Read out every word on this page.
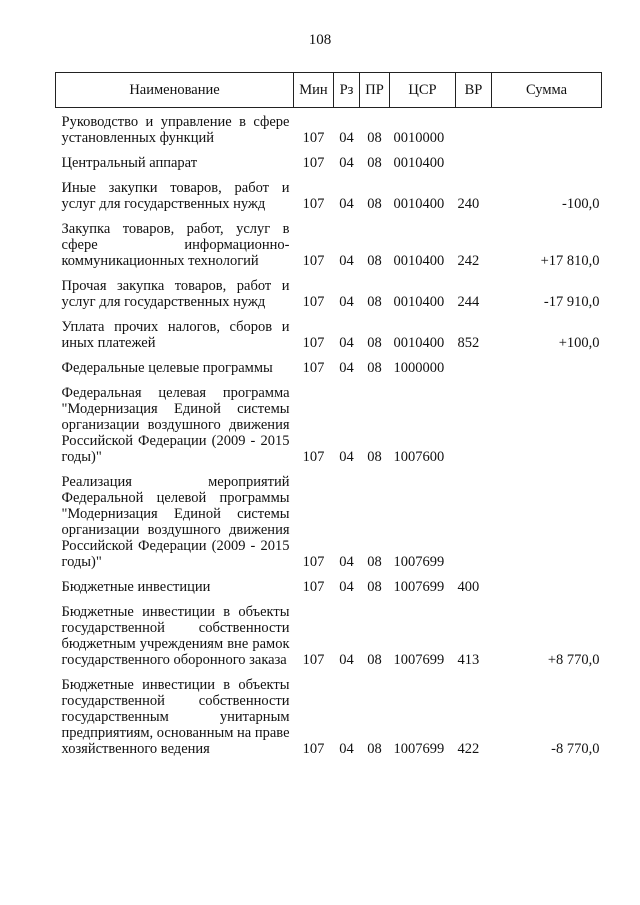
108
Наименование	Мин	Рз	ПР	ЦСР	ВР	Сумма
Руководство и управление в сфере установленных функций	107	04	08	0010000		
Центральный аппарат	107	04	08	0010400		
Иные закупки товаров, работ и услуг для государственных нужд	107	04	08	0010400	240	-100,0
Закупка товаров, работ, услуг в сфере информационно-коммуникационных технологий	107	04	08	0010400	242	+17 810,0
Прочая закупка товаров, работ и услуг для государственных нужд	107	04	08	0010400	244	-17 910,0
Уплата прочих налогов, сборов и иных платежей	107	04	08	0010400	852	+100,0
Федеральные целевые программы	107	04	08	1000000		
Федеральная целевая программа "Модернизация Единой системы организации воздушного движения Российской Федерации (2009 - 2015 годы)"	107	04	08	1007600		
Реализация мероприятий Федеральной целевой программы "Модернизация Единой системы организации воздушного движения Российской Федерации (2009 - 2015 годы)"	107	04	08	1007699		
Бюджетные инвестиции	107	04	08	1007699	400	
Бюджетные инвестиции в объекты государственной собственности бюджетным учреждениям вне рамок государственного оборонного заказа	107	04	08	1007699	413	+8 770,0
Бюджетные инвестиции в объекты государственной собственности государственным унитарным предприятиям, основанным на праве хозяйственного ведения	107	04	08	1007699	422	-8 770,0
